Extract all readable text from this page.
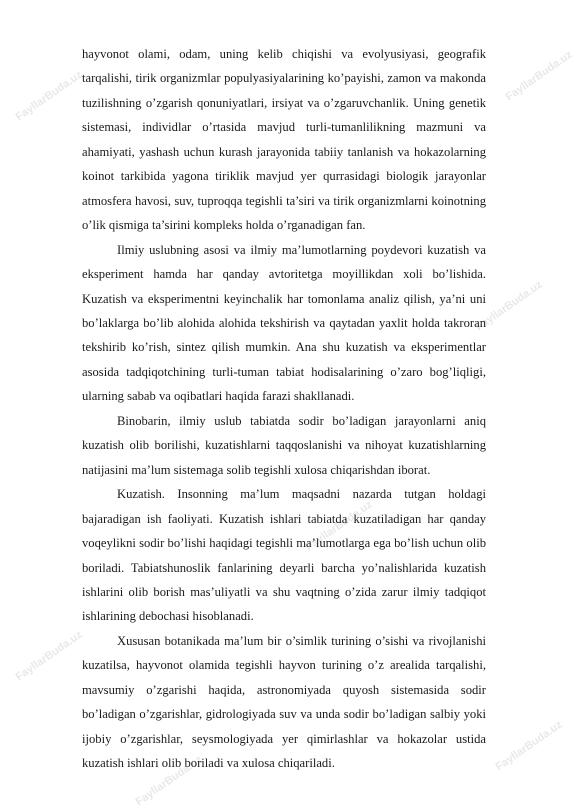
FayllarBuda.uz	FayllarBuda.uz
FayllarBuda.uz
FayllarBuda.uz
FayllarBuda.uz
FayllarBuda.uz
FayllarBuda.uz

hayvonot olami, odam, uning kelib chiqishi va evolyusiyasi, geografik tarqalishi, tirik organizmlar populyasiyalarining ko’payishi, zamon va makonda tuzilishning o’zgarish qonuniyatlari, irsiyat va o’zgaruvchanlik. Uning genetik sistemasi, individlar o’rtasida mavjud turli-tumanlilikning mazmuni va ahamiyati, yashash uchun kurash jarayonida tabiiy tanlanish va hokazolarning koinot tarkibida yagona tiriklik mavjud yer qurrasidagi biologik jarayonlar atmosfera havosi, suv, tuproqqa tegishli ta’siri va tirik organizmlarni koinotning o’lik qismiga ta’sirini kompleks holda o’rganadigan fan.

Ilmiy uslubning asosi va ilmiy ma’lumotlarning poydevori kuzatish va eksperiment hamda har qanday avtoritetga moyillikdan xoli bo’lishida. Kuzatish va eksperimentni keyinchalik har tomonlama analiz qilish, ya’ni uni bo’laklarga bo’lib alohida alohida tekshirish va qaytadan yaxlit holda takroran tekshirib ko’rish, sintez qilish mumkin. Ana shu kuzatish va eksperimentlar asosida tadqiqotchining turli-tuman tabiat hodisalarining o’zaro bog’liqligi, ularning sabab va oqibatlari haqida farazi shakllanadi.

Binobarin, ilmiy uslub tabiatda sodir bo’ladigan jarayonlarni aniq kuzatish olib borilishi, kuzatishlarni taqqoslanishi va nihoyat kuzatishlarning natijasini ma’lum sistemaga solib tegishli xulosa chiqarishdan iborat.

Kuzatish. Insonning ma’lum maqsadni nazarda tutgan holdagi bajaradigan ish faoliyati. Kuzatish ishlari tabiatda kuzatiladigan har qanday voqeylikni sodir bo’lishi haqidagi tegishli ma’lumotlarga ega bo’lish uchun olib boriladi. Tabiatshunoslik fanlarining deyarli barcha yo’nalishlarida kuzatish ishlarini olib borish mas’uliyatli va shu vaqtning o’zida zarur ilmiy tadqiqot ishlarining debochasi hisoblanadi.

Xususan botanikada ma’lum bir o’simlik turining o’sishi va rivojlanishi kuzatilsa, hayvonot olamida tegishli hayvon turining o’z arealida tarqalishi, mavsumiy o’zgarishi haqida, astronomiyada quyosh sistemasida sodir bo’ladigan o’zgarishlar, gidrologiyada suv va unda sodir bo’ladigan salbiy yoki ijobiy o’zgarishlar, seysmologiyada yer qimirlashlar va hokazolar ustida kuzatish ishlari olib boriladi va xulosa chiqariladi.
